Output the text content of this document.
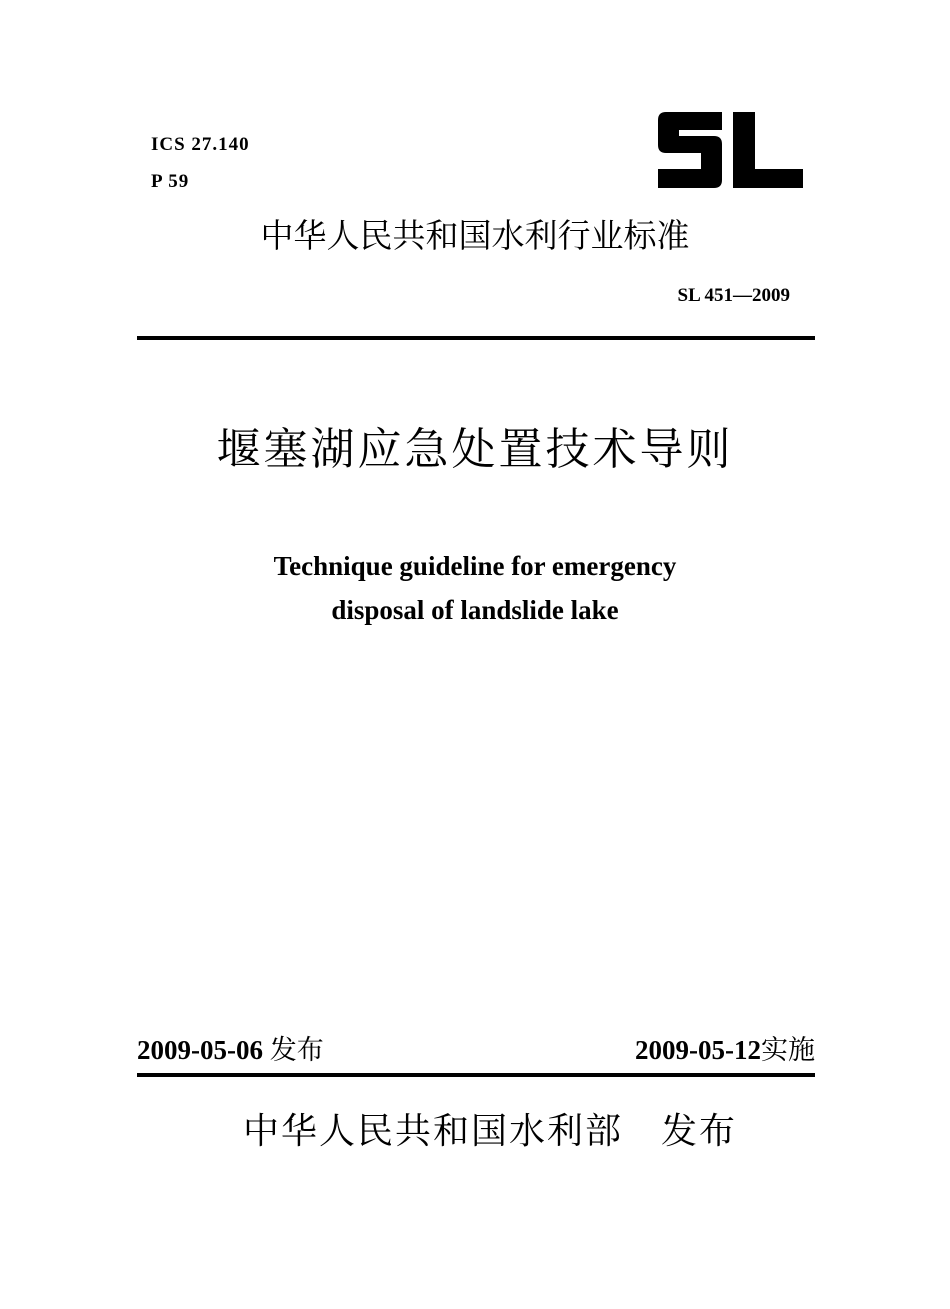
ICS 27.140
P 59
中华人民共和国水利行业标准
SL 451—2009
堰塞湖应急处置技术导则
Technique guideline for emergency
disposal of landslide lake
2009-05-06 发布	2009-05-12实施
中华人民共和国水利部 发布
